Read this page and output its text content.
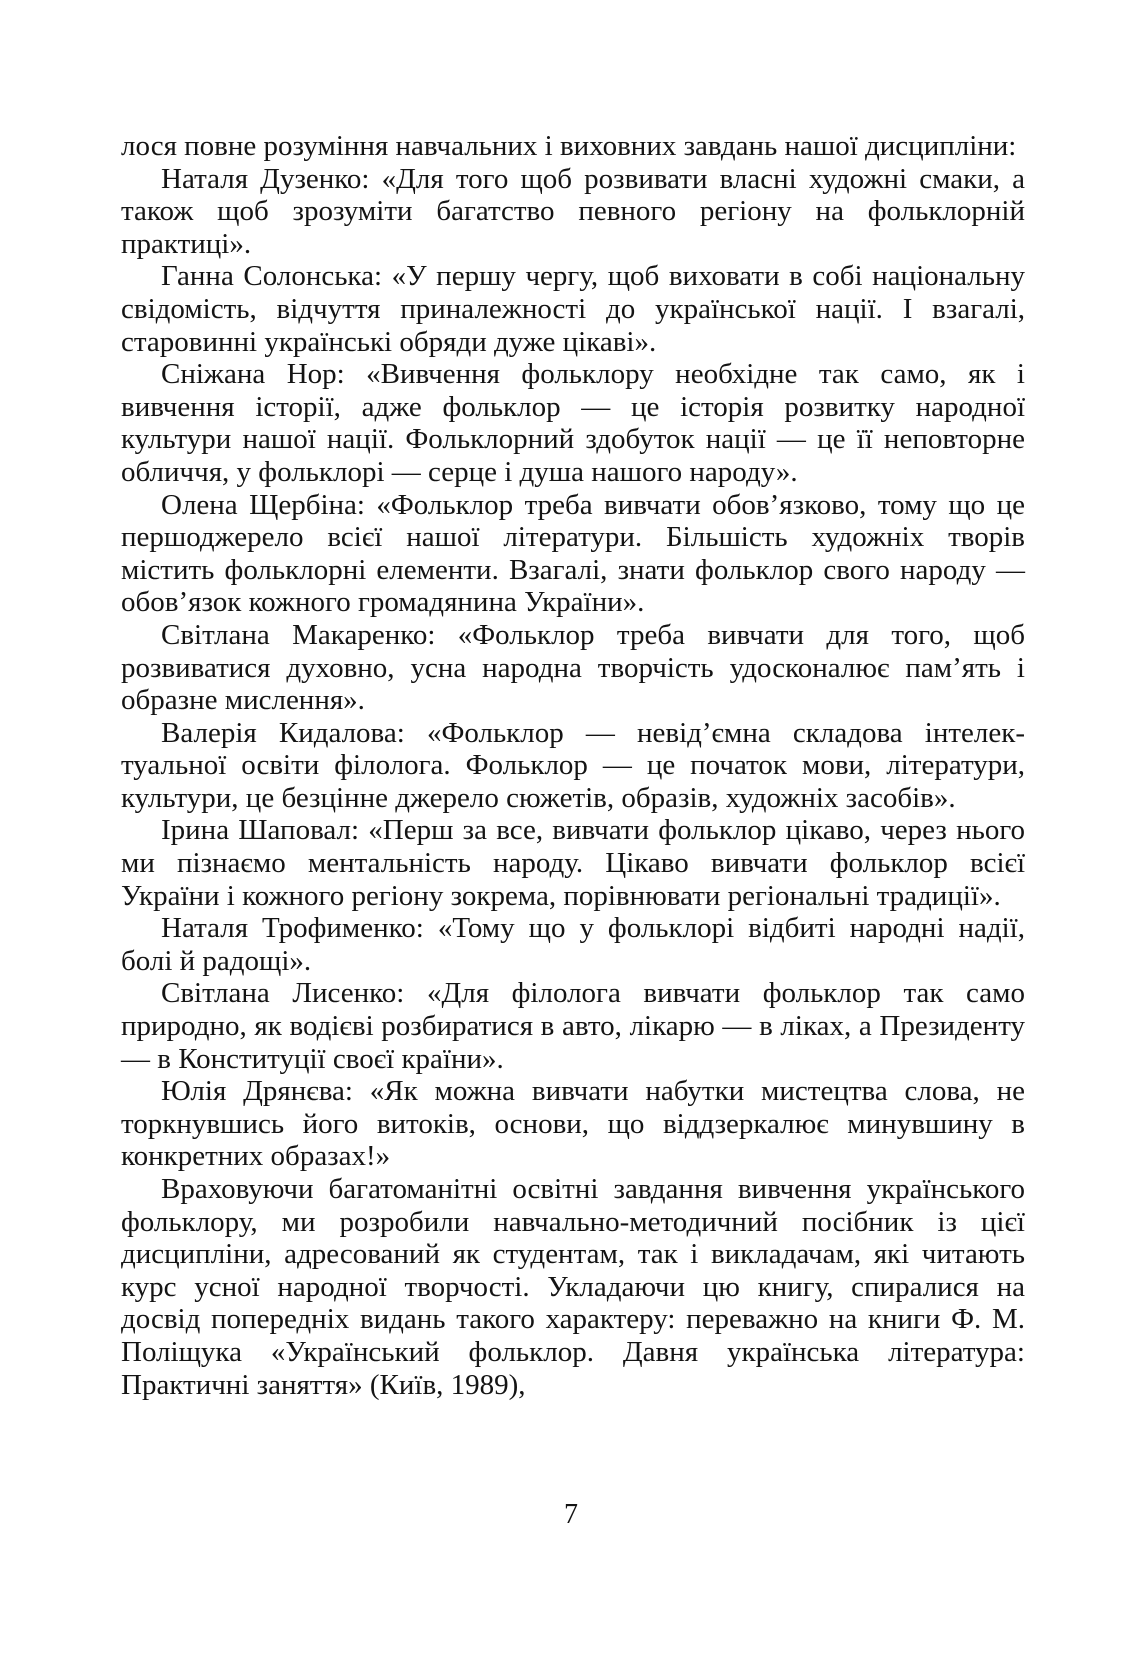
лося повне розуміння навчальних і виховних завдань нашої дисципліни:

Наталя Дузенко: «Для того щоб розвивати власні художні смаки, а також щоб зрозуміти багатство певного регіону на фольклорній практиці».

Ганна Солонська: «У першу чергу, щоб виховати в собі національну свідомість, відчуття приналежності до української нації. І взагалі, старовинні українські обряди дуже цікаві».

Сніжана Нор: «Вивчення фольклору необхідне так само, як і вивчення історії, адже фольклор — це історія розвитку народної культури нашої нації. Фольклорний здобуток нації — це її неповторне обличчя, у фольклорі — серце і душа нашого народу».

Олена Щербіна: «Фольклор треба вивчати обов’язково, тому що це першоджерело всієї нашої літератури. Більшість художніх творів містить фольклорні елементи. Взагалі, знати фольклор свого народу — обов’язок кожного громадянина України».

Світлана Макаренко: «Фольклор треба вивчати для того, щоб розвиватися духовно, усна народна творчість удосконалює пам’ять і образне мислення».

Валерія Кидалова: «Фольклор — невід’ємна складова інтелектуальної освіти філолога. Фольклор — це початок мови, літератури, культури, це безцінне джерело сюжетів, образів, художніх засобів».

Ірина Шаповал: «Перш за все, вивчати фольклор цікаво, через нього ми пізнаємо ментальність народу. Цікаво вивчати фольклор всієї України і кожного регіону зокрема, порівнювати регіональні традиції».

Наталя Трофименко: «Тому що у фольклорі відбиті народні надії, болі й радощі».

Світлана Лисенко: «Для філолога вивчати фольклор так само природно, як водієві розбиратися в авто, лікарю — в ліках, а Президенту — в Конституції своєї країни».

Юлія Дрянєва: «Як можна вивчати набутки мистецтва слова, не торкнувшись його витоків, основи, що віддзеркалює минувшину в конкретних образах!»

Враховуючи багатоманітні освітні завдання вивчення українського фольклору, ми розробили навчально-методичний посібник із цієї дисципліни, адресований як студентам, так і викладачам, які читають курс усної народної творчості. Укладаючи цю книгу, спиралися на досвід попередніх видань такого характеру: переважно на книги Ф. М. Поліщука «Український фольклор. Давня українська література: Практичні заняття» (Київ, 1989),

7
